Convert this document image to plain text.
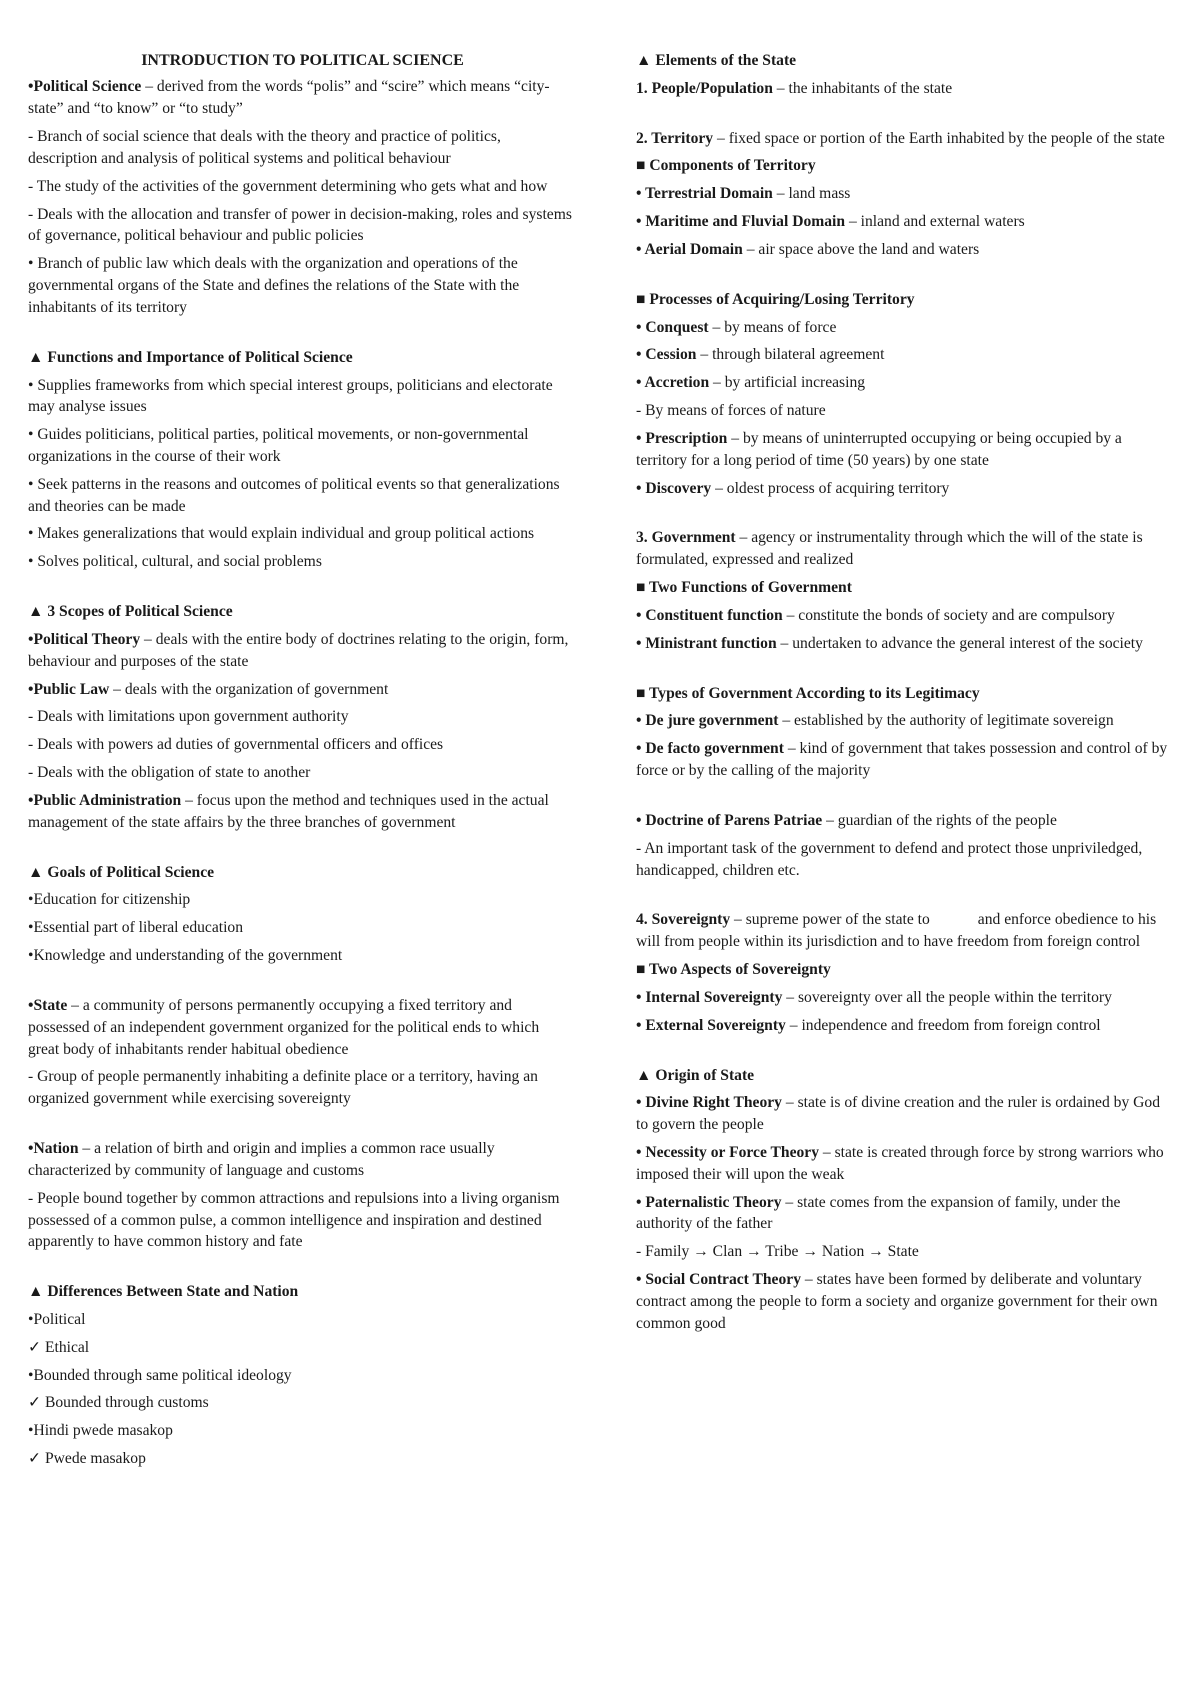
INTRODUCTION TO POLITICAL SCIENCE

•Political Science – derived from the words “polis” and “scire” which means “city-state” and “to know” or “to study”

- Branch of social science that deals with the theory and practice of politics, description and analysis of political systems and political behaviour

- The study of the activities of the government determining who gets what and how

- Deals with the allocation and transfer of power in decision-making, roles and systems of governance, political behaviour and public policies

• Branch of public law which deals with the organization and operations of the governmental organs of the State and defines the relations of the State with the inhabitants of its territory

▲ Functions and Importance of Political Science

• Supplies frameworks from which special interest groups, politicians and electorate may analyse issues

• Guides politicians, political parties, political movements, or non-governmental organizations in the course of their work

• Seek patterns in the reasons and outcomes of political events so that generalizations and theories can be made

• Makes generalizations that would explain individual and group political actions

• Solves political, cultural, and social problems

▲ 3 Scopes of Political Science

•Political Theory – deals with the entire body of doctrines relating to the origin, form, behaviour and purposes of the state

•Public Law – deals with the organization of government

- Deals with limitations upon government authority

- Deals with powers ad duties of governmental officers and offices

- Deals with the obligation of state to another

•Public Administration – focus upon the method and techniques used in the actual management of the state affairs by the three branches of government

▲ Goals of Political Science

•Education for citizenship

•Essential part of liberal education

•Knowledge and understanding of the government

•State – a community of persons permanently occupying a fixed territory and possessed of an independent government organized for the political ends to which great body of inhabitants render habitual obedience

- Group of people permanently inhabiting a definite place or a territory, having an organized government while exercising sovereignty

•Nation – a relation of birth and origin and implies a common race usually characterized by community of language and customs

- People bound together by common attractions and repulsions into a living organism possessed of a common pulse, a common intelligence and inspiration and destined apparently to have common history and fate

▲ Differences Between State and Nation

•Political

✓ Ethical

•Bounded through same political ideology

✓ Bounded through customs

•Hindi pwede masakop

✓ Pwede masakop

▲ Elements of the State

1. People/Population – the inhabitants of the state

2. Territory – fixed space or portion of the Earth inhabited by the people of the state

■ Components of Territory

• Terrestrial Domain – land mass

• Maritime and Fluvial Domain – inland and external waters

• Aerial Domain – air space above the land and waters

■ Processes of Acquiring/Losing Territory

• Conquest – by means of force

• Cession – through bilateral agreement

• Accretion – by artificial increasing

- By means of forces of nature

• Prescription – by means of uninterrupted occupying or being occupied by a territory for a long period of time (50 years) by one state

• Discovery – oldest process of acquiring territory

3. Government – agency or instrumentality through which the will of the state is formulated, expressed and realized

■ Two Functions of Government

• Constituent function – constitute the bonds of society and are compulsory

• Ministrant function – undertaken to advance the general interest of the society

■ Types of Government According to its Legitimacy

• De jure government – established by the authority of legitimate sovereign

• De facto government – kind of government that takes possession and control of by force or by the calling of the majority

• Doctrine of Parens Patriae – guardian of the rights of the people

- An important task of the government to defend and protect those unpriviledged, handicapped, children etc.

4. Sovereignty – supreme power of the state to	and enforce obedience to his will from people within its jurisdiction and to have freedom from foreign control

■ Two Aspects of Sovereignty

• Internal Sovereignty – sovereignty over all the people within the territory

• External Sovereignty – independence and freedom from foreign control

▲ Origin of State

• Divine Right Theory – state is of divine creation and the ruler is ordained by God to govern the people

• Necessity or Force Theory – state is created through force by strong warriors who imposed their will upon the weak

• Paternalistic Theory – state comes from the expansion of family, under the authority of the father

- Family → Clan → Tribe → Nation → State

• Social Contract Theory – states have been formed by deliberate and voluntary contract among the people to form a society and organize government for their own common good
